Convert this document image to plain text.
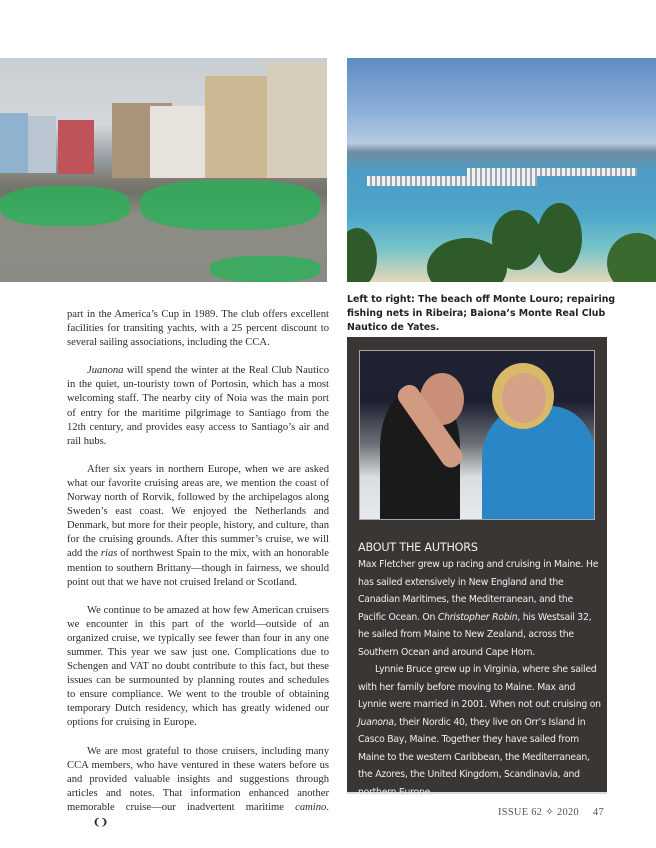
Left to right: The beach off Monte Louro; repairing fishing nets in Ribeira; Baiona’s Monte Real Club Nautico de Yates.

part in the America’s Cup in 1989. The club offers excellent facilities for transiting yachts, with a 25 percent discount to several sailing associations, including the CCA.

Juanona will spend the winter at the Real Club Nautico in the quiet, un-touristy town of Portosin, which has a most welcoming staff. The nearby city of Noia was the main port of entry for the maritime pilgrimage to Santiago from the 12th century, and provides easy access to Santiago’s air and rail hubs.

After six years in northern Europe, when we are asked what our favorite cruising areas are, we mention the coast of Norway north of Rorvik, followed by the archipelagos along Sweden’s east coast. We enjoyed the Netherlands and Denmark, but more for their people, history, and culture, than for the cruising grounds. After this summer’s cruise, we will add the rias of northwest Spain to the mix, with an honorable mention to southern Brittany—though in fairness, we should point out that we have not cruised Ireland or Scotland.

We continue to be amazed at how few American cruisers we encounter in this part of the world—outside of an organized cruise, we typically see fewer than four in any one summer. This year we saw just one. Complications due to Schengen and VAT no doubt contribute to this fact, but these issues can be surmounted by planning routes and schedules to ensure compliance. We went to the trouble of obtaining temporary Dutch residency, which has greatly widened our options for cruising in Europe.

We are most grateful to those cruisers, including many CCA members, who have ventured in these waters before us and provided valuable insights and suggestions through articles and notes. That information enhanced another memorable cruise—our inadvertent maritime camino.❨❩

ABOUT THE AUTHORS

Max Fletcher grew up racing and cruising in Maine. He has sailed extensively in New England and the Canadian Maritimes, the Mediterranean, and the Pacific Ocean. On Christopher Robin, his Westsail 32, he sailed from Maine to New Zealand, across the Southern Ocean and around Cape Horn.

Lynnie Bruce grew up in Virginia, where she sailed with her family before moving to Maine. Max and Lynnie were married in 2001. When not out cruising on Juanona, their Nordic 40, they live on Orr’s Island in Casco Bay, Maine. Together they have sailed from Maine to the western Caribbean, the Mediterranean, the Azores, the United Kingdom, Scandinavia, and northern Europe.

ISSUE 62 ✧ 2020 47
